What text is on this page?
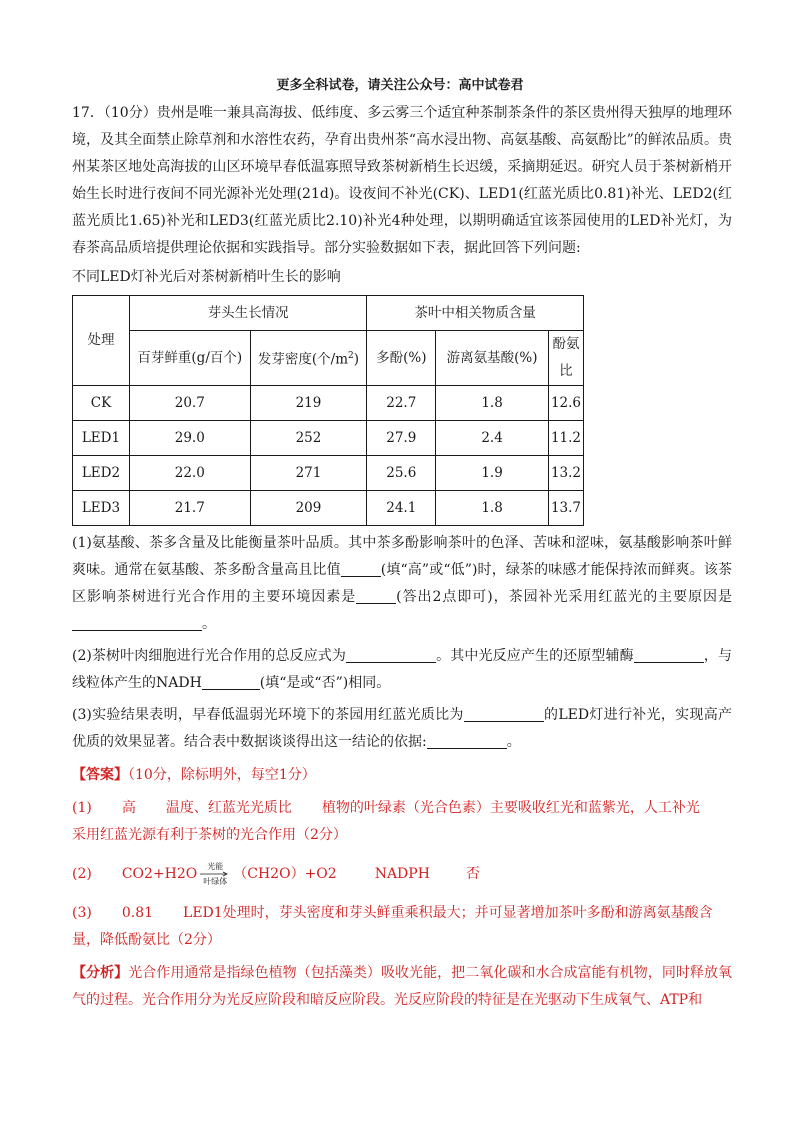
更多全科试卷，请关注公众号：高中试卷君

17．（10分）贵州是唯一兼具高海拔、低纬度、多云雾三个适宜种茶制茶条件的茶区贵州得天独厚的地理环境，及其全面禁止除草剂和水溶性农药，孕育出贵州茶“高水浸出物、高氨基酸、高氨酚比”的鲜浓品质。贵州某茶区地处高海拔的山区环境早春低温寡照导致茶树新梢生长迟缓，采摘期延迟。研究人员于茶树新梢开始生长时进行夜间不同光源补光处理(21d)。设夜间不补光(CK)、LED1(红蓝光质比0.81)补光、LED2(红蓝光质比1.65)补光和LED3(红蓝光质比2.10)补光4种处理，以期明确适宜该茶园使用的LED补光灯，为春茶高品质培提供理论依据和实践指导。部分实验数据如下表，据此回答下列问题:

不同LED灯补光后对茶树新梢叶生长的影响

处理	芽头生长情况		茶叶中相关物质含量		
	百芽鲜重(g/百个)	发芽密度(个$/m^2$)	多酚(%)	游离氨基酸(%)	酚氨比
CK	20.7	219	22.7	1.8	12.6
LED1	29.0	252	27.9	2.4	11.2
LED2	22.0	271	25.6	1.9	13.2
LED3	21.7	209	24.1	1.8	13.7

(1)氨基酸、茶多含量及比能衡量茶叶品质。其中茶多酚影响茶叶的色泽、苦味和涩味，氨基酸影响茶叶鲜爽味。通常在氨基酸、茶多酚含量高且比值	(填“高”或“低”)时，绿茶的味感才能保持浓而鲜爽。该茶区影响茶树进行光合作用的主要环境因素是	(答出2点即可)，茶园补光采用红蓝光的主要原因是。

(2)茶树叶肉细胞进行光合作用的总反应式为	。其中光反应产生的还原型辅酶	，与线粒体产生的NADH	(填“是或“否”)相同。

(3)实验结果表明，早春低温弱光环境下的茶园用红蓝光质比为	的LED灯进行补光，实现高产优质的效果显著。结合表中数据谈谈得出这一结论的依据:	。

【答案】（10分，除标明外，每空1分）

(1) 高 温度、红蓝光光质比 植物的叶绿素（光合色素）主要吸收红光和蓝紫光，人工补光

采用红蓝光源有利于茶树的光合作用（2分）

(2) CO2+H2O	光能
叶绿体 （CH2O）+O2	NADPH	否

(3) 0.81 LED1处理时，芽头密度和芽头鲜重乘积最大；并可显著增加茶叶多酚和游离氨基酸含

量，降低酚氨比（2分）

【分析】光合作用通常是指绿色植物（包括藻类）吸收光能，把二氧化碳和水合成富能有机物，同时释放氧气的过程。光合作用分为光反应阶段和暗反应阶段。光反应阶段的特征是在光驱动下生成氧气、ATP和
